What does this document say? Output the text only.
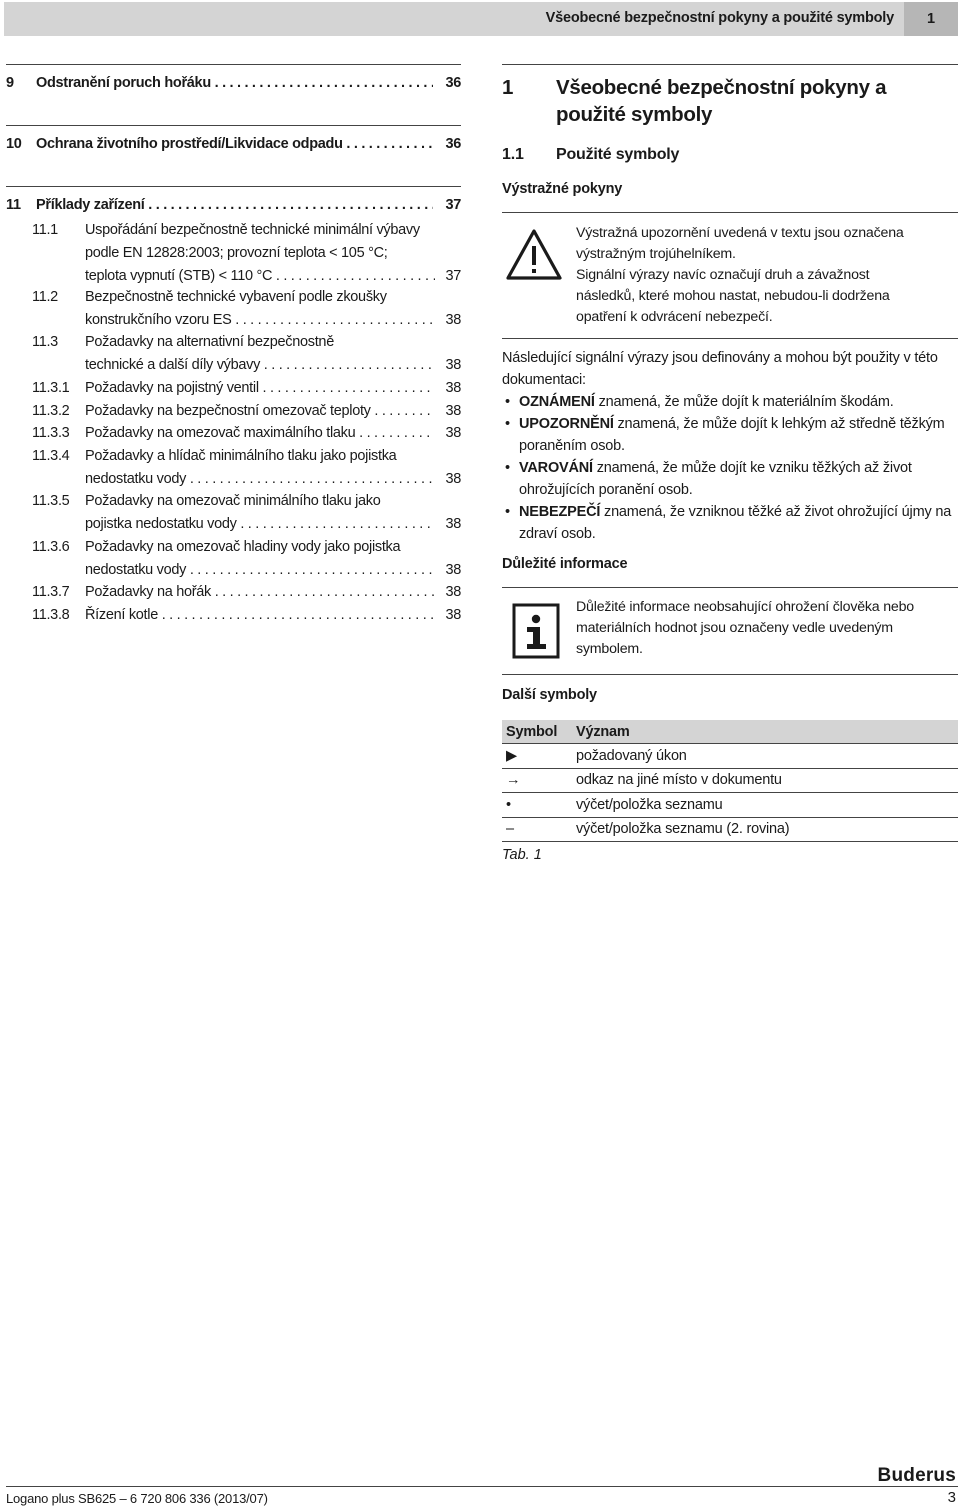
Všeobecné bezpečnostní pokyny a použité symboly	1
9 Odstranění poruch hořáku . . .	36
10 Ochrana životního prostředí/Likvidace odpadu . . .	36
11 Příklady zařízení . . .	37
11.1 Uspořádání bezpečnostně technické minimální výbavy
podle EN 12828:2003; provozní teplota < 105 °C;
teplota vypnutí (STB) < 110 °C . . .	37
11.2 Bezpečnostně technické vybavení podle zkoušky
konstrukčního vzoru ES . . .	38
11.3 Požadavky na alternativní bezpečnostně
technické a další díly výbavy . . .	38
11.3.1 Požadavky na pojistný ventil . . .	38
11.3.2 Požadavky na bezpečnostní omezovač teploty . . .	38
11.3.3 Požadavky na omezovač maximálního tlaku . . .	38
11.3.4 Požadavky a hlídač minimálního tlaku jako pojistka
nedostatku vody . . .	38
11.3.5 Požadavky na omezovač minimálního tlaku jako
pojistka nedostatku vody . . .	38
11.3.6 Požadavky na omezovač hladiny vody jako pojistka
nedostatku vody . . .	38
11.3.7 Požadavky na hořák . . .	38
11.3.8 Řízení kotle . . .	38
1 Všeobecné bezpečnostní pokyny a použité symboly
1.1 Použité symboly
Výstražné pokyny
Výstražná upozornění uvedená v textu jsou označena
výstražným trojúhelníkem.
Signální výrazy navíc označují druh a závažnost
následků, které mohou nastat, nebudou-li dodržena
opatření k odvrácení nebezpečí.
Následující signální výrazy jsou definovány a mohou být použity v této dokumentaci:
• OZNÁMENÍ znamená, že může dojít k materiálním škodám.
• UPOZORNĚNÍ znamená, že může dojít k lehkým až středně těžkým poraněním osob.
• VAROVÁNÍ znamená, že může dojít ke vzniku těžkých až život ohrožujících poranění osob.
• NEBEZPEČÍ znamená, že vzniknou těžké až život ohrožující újmy na zdraví osob.
Důležité informace
Důležité informace neobsahující ohrožení člověka nebo
materiálních hodnot jsou označeny vedle uvedeným
symbolem.
Další symboly
Symbol	Význam
▶	požadovaný úkon
→	odkaz na jiné místo v dokumentu
•	výčet/položka seznamu
–	výčet/položka seznamu (2. rovina)
Tab. 1
Buderus
Logano plus SB625 – 6 720 806 336 (2013/07)	3
